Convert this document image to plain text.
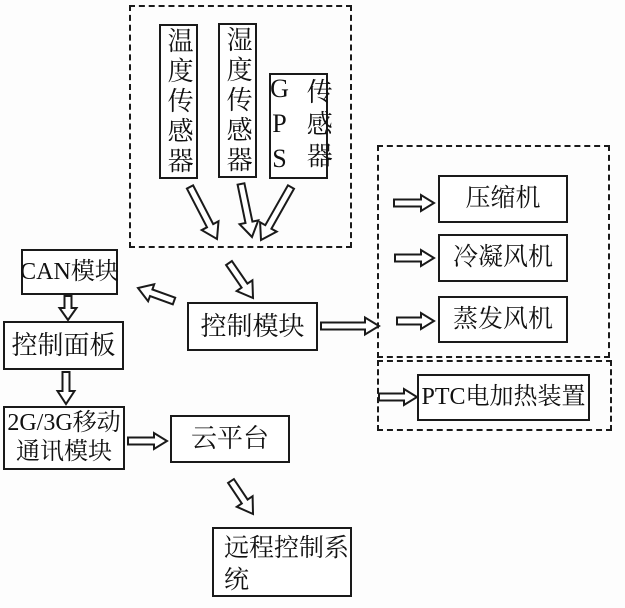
温度传感器 湿度传感器 GPS 传感器
CAN模块
控制面板
2G/3G移动
通讯模块
控制模块
云平台
远程控制系统
压缩机
冷凝风机
蒸发风机
PTC电加热装置
